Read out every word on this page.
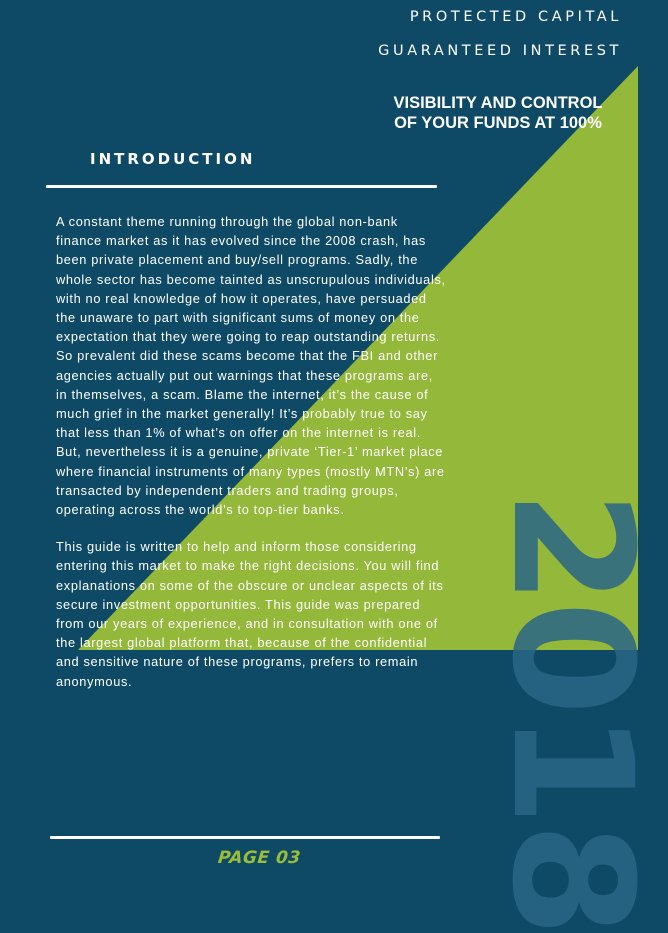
2018
PROTECTED CAPITAL
GUARANTEED INTEREST
VISIBILITY AND CONTROL
OF YOUR FUNDS AT 100%
INTRODUCTION

A constant theme running through the global non-bank finance market as it has evolved since the 2008 crash, has been private placement and buy/sell programs. Sadly, the whole sector has become tainted as unscrupulous individuals, with no real knowledge of how it operates, have persuaded the unaware to part with significant sums of money on the expectation that they were going to reap outstanding returns. So prevalent did these scams become that the FBI and other agencies actually put out warnings that these programs are, in themselves, a scam. Blame the internet, it’s the cause of much grief in the market generally! It’s probably true to say that less than 1% of what’s on offer on the internet is real. But, nevertheless it is a genuine, private ‘Tier-1’ market place where financial instruments of many types (mostly MTN’s) are transacted by independent traders and trading groups, operating across the world’s to top-tier banks.

This guide is written to help and inform those considering entering this market to make the right decisions. You will find explanations on some of the obscure or unclear aspects of its secure investment opportunities. This guide was prepared from our years of experience, and in consultation with one of the largest global platform that, because of the confidential and sensitive nature of these programs, prefers to remain anonymous.

PAGE 03
